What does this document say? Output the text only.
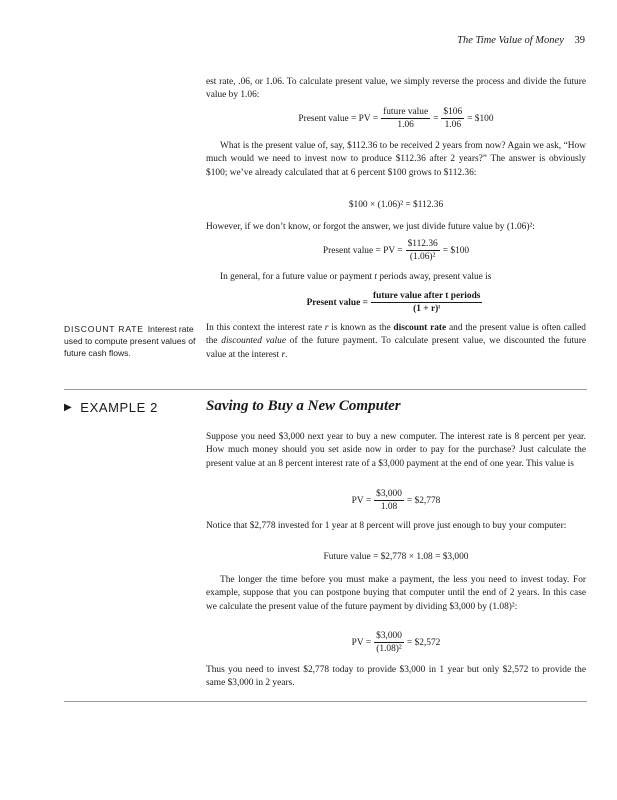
The Time Value of Money 39

est rate, .06, or 1.06. To calculate present value, we simply reverse the process and divide the future value by 1.06:

Present value = PV = $\frac{\text{future value}}{1.06} = \frac{\$106}{1.06}$ = $100

What is the present value of, say, $112.36 to be received 2 years from now? Again we ask, “How much would we need to invest now to produce $112.36 after 2 years?” The answer is obviously $100; we’ve already calculated that at 6 percent $100 grows to $112.36:

$100 × (1.06)² = $112.36

However, if we don’t know, or forgot the answer, we just divide future value by (1.06)²:

Present value = PV = $\frac{\$112.36}{\text{(1.06)²}}$ = $100

In general, for a future value or payment t periods away, present value is

Present value = $\frac{\text{future value after t periods}}{\text{(1 + r)ᵗ}}$
DISCOUNT RATE Interest rate used to compute present values of future cash flows.

In this context the interest rate r is known as the discount rate and the present value is often called the discounted value of the future payment. To calculate present value, we discounted the future value at the interest r.

▶ EXAMPLE 2	Saving to Buy a New Computer

Suppose you need $3,000 next year to buy a new computer. The interest rate is 8 percent per year. How much money should you set aside now in order to pay for the purchase? Just calculate the present value at an 8 percent interest rate of a $3,000 payment at the end of one year. This value is

PV = $\frac{\$3,000}{1.08}$ = $2,778

Notice that $2,778 invested for 1 year at 8 percent will prove just enough to buy your computer:

Future value = $2,778 × 1.08 = $3,000

The longer the time before you must make a payment, the less you need to invest today. For example, suppose that you can postpone buying that computer until the end of 2 years. In this case we calculate the present value of the future payment by dividing $3,000 by (1.08)²:

PV = $\frac{\$3,000}{\text{(1.08)²}}$ = $2,572

Thus you need to invest $2,778 today to provide $3,000 in 1 year but only $2,572 to provide the same $3,000 in 2 years.
